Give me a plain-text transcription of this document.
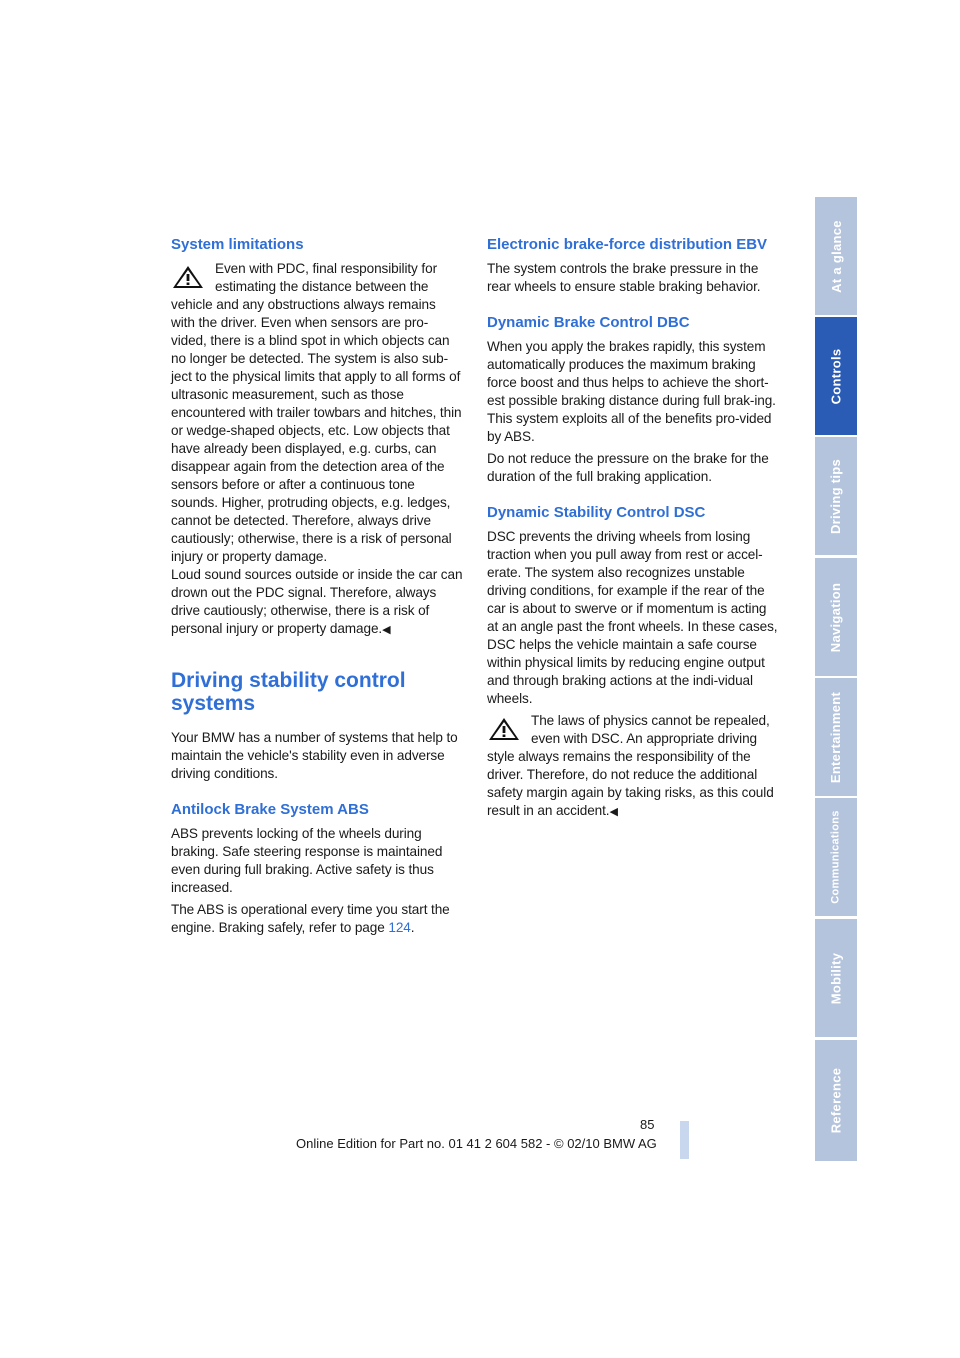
System limitations
Even with PDC, final responsibility for estimating the distance between the vehicle and any obstructions always remains with the driver. Even when sensors are pro-vided, there is a blind spot in which objects can no longer be detected. The system is also sub-ject to the physical limits that apply to all forms of ultrasonic measurement, such as those encountered with trailer towbars and hitches, thin or wedge-shaped objects, etc. Low objects that have already been displayed, e.g. curbs, can disappear again from the detection area of the sensors before or after a continuous tone sounds. Higher, protruding objects, e.g. ledges, cannot be detected. Therefore, always drive cautiously; otherwise, there is a risk of personal injury or property damage.
Loud sound sources outside or inside the car can drown out the PDC signal. Therefore, always drive cautiously; otherwise, there is a risk of personal injury or property damage.◀
Driving stability control systems

Your BMW has a number of systems that help to maintain the vehicle's stability even in adverse driving conditions.

Antilock Brake System ABS

ABS prevents locking of the wheels during braking. Safe steering response is maintained even during full braking. Active safety is thus increased.

The ABS is operational every time you start the engine. Braking safely, refer to page 124.

Electronic brake-force distribution EBV

The system controls the brake pressure in the rear wheels to ensure stable braking behavior.

Dynamic Brake Control DBC

When you apply the brakes rapidly, this system automatically produces the maximum braking force boost and thus helps to achieve the short-est possible braking distance during full brak-ing. This system exploits all of the benefits pro-vided by ABS.

Do not reduce the pressure on the brake for the duration of the full braking application.

Dynamic Stability Control DSC

DSC prevents the driving wheels from losing traction when you pull away from rest or accel-erate. The system also recognizes unstable driving conditions, for example if the rear of the car is about to swerve or if momentum is acting at an angle past the front wheels. In these cases, DSC helps the vehicle maintain a safe course within physical limits by reducing engine output and through braking actions at the indi-vidual wheels.

The laws of physics cannot be repealed, even with DSC. An appropriate driving style always remains the responsibility of the driver. Therefore, do not reduce the additional safety margin again by taking risks, as this could result in an accident.◀
At a glance
Controls
Driving tips
Navigation
Entertainment
Communications
Mobility
Reference
85
Online Edition for Part no. 01 41 2 604 582 - © 02/10 BMW AG
